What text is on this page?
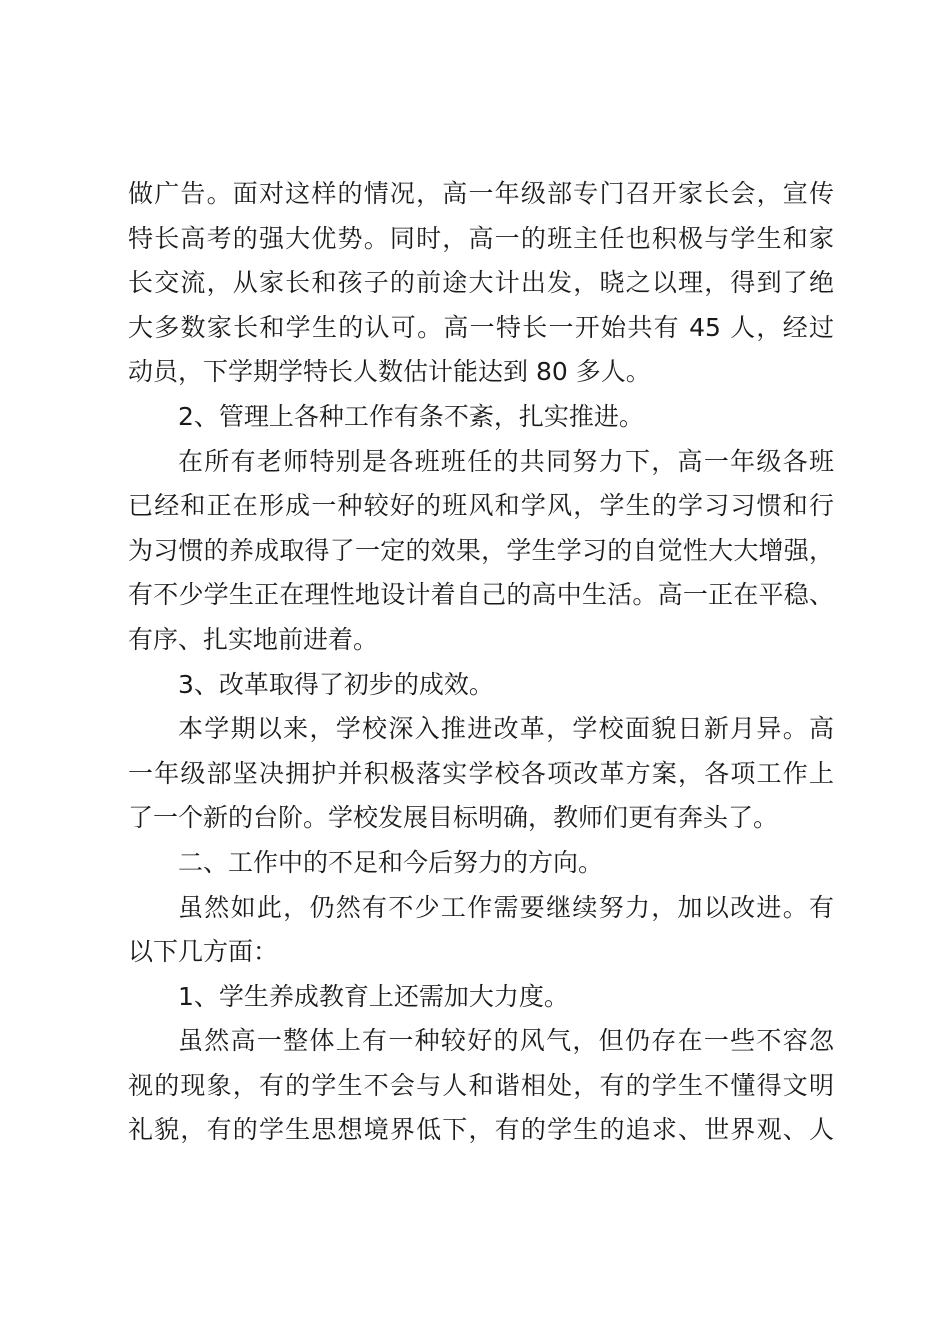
做广告。面对这样的情况，高一年级部专门召开家长会，宣传
特长高考的强大优势。同时，高一的班主任也积极与学生和家
长交流，从家长和孩子的前途大计出发，晓之以理，得到了绝
大多数家长和学生的认可。高一特长一开始共有 45 人，经过
动员，下学期学特长人数估计能达到 80 多人。
2、管理上各种工作有条不紊，扎实推进。
在所有老师特别是各班班任的共同努力下，高一年级各班
已经和正在形成一种较好的班风和学风，学生的学习习惯和行
为习惯的养成取得了一定的效果，学生学习的自觉性大大增强，
有不少学生正在理性地设计着自己的高中生活。高一正在平稳、
有序、扎实地前进着。
3、改革取得了初步的成效。
本学期以来，学校深入推进改革，学校面貌日新月异。高
一年级部坚决拥护并积极落实学校各项改革方案，各项工作上
了一个新的台阶。学校发展目标明确，教师们更有奔头了。
二、工作中的不足和今后努力的方向。
虽然如此，仍然有不少工作需要继续努力，加以改进。有
以下几方面：
1、学生养成教育上还需加大力度。
虽然高一整体上有一种较好的风气，但仍存在一些不容忽
视的现象，有的学生不会与人和谐相处，有的学生不懂得文明
礼貌，有的学生思想境界低下，有的学生的追求、世界观、人
